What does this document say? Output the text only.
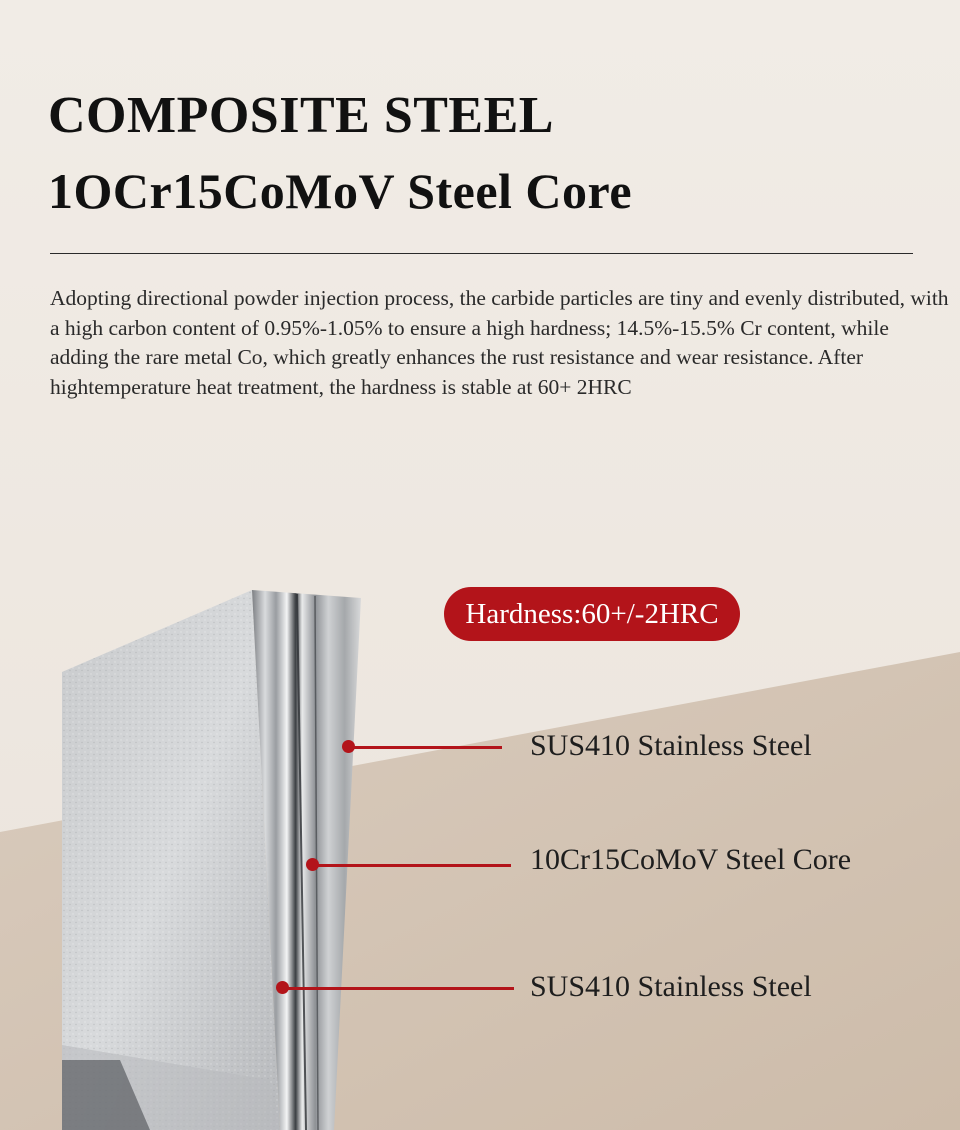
COMPOSITE STEEL
1OCr15CoMoV Steel Core

Adopting directional powder injection process, the carbide particles are tiny and evenly distributed, with a high carbon content of 0.95%-1.05% to ensure a high hardness; 14.5%-15.5% Cr content, while adding the rare metal Co, which greatly enhances the rust resistance and wear resistance. After hightemperature heat treatment, the hardness is stable at 60+ 2HRC

Hardness:60+/-2HRC
SUS410 Stainless Steel
10Cr15CoMoV Steel Core
SUS410 Stainless Steel
